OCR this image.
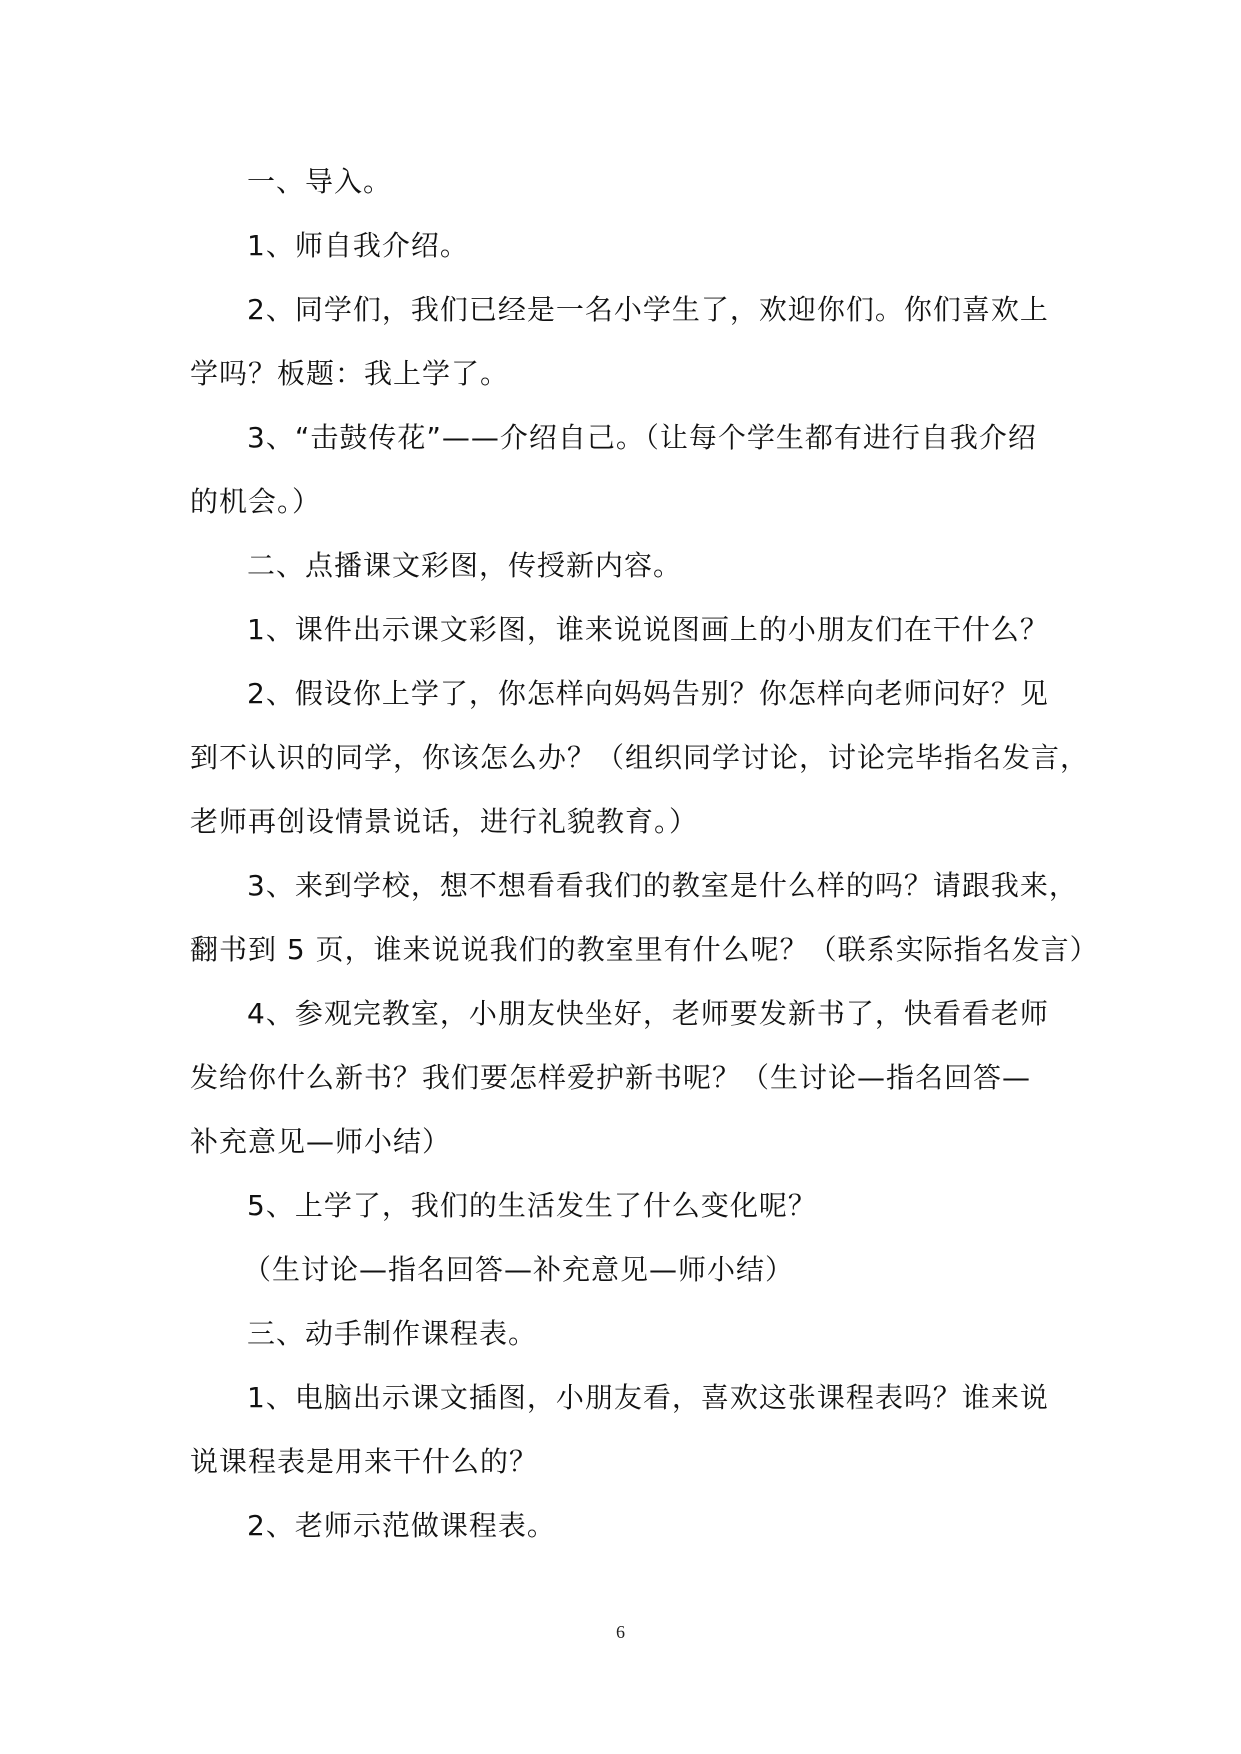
一、导入。
1、师自我介绍。
2、同学们，我们已经是一名小学生了，欢迎你们。你们喜欢上
学吗？板题：我上学了。
3、“击鼓传花”——介绍自己。（让每个学生都有进行自我介绍
的机会。）
二、点播课文彩图，传授新内容。
1、课件出示课文彩图，谁来说说图画上的小朋友们在干什么？
2、假设你上学了，你怎样向妈妈告别？你怎样向老师问好？见
到不认识的同学，你该怎么办？（组织同学讨论，讨论完毕指名发言，
老师再创设情景说话，进行礼貌教育。）
3、来到学校，想不想看看我们的教室是什么样的吗？请跟我来，
翻书到 5 页，谁来说说我们的教室里有什么呢？（联系实际指名发言）
4、参观完教室，小朋友快坐好，老师要发新书了，快看看老师
发给你什么新书？我们要怎样爱护新书呢？（生讨论—指名回答—
补充意见—师小结）
5、上学了，我们的生活发生了什么变化呢？
（生讨论—指名回答—补充意见—师小结）
三、动手制作课程表。
1、电脑出示课文插图，小朋友看，喜欢这张课程表吗？谁来说
说课程表是用来干什么的？
2、老师示范做课程表。
6
